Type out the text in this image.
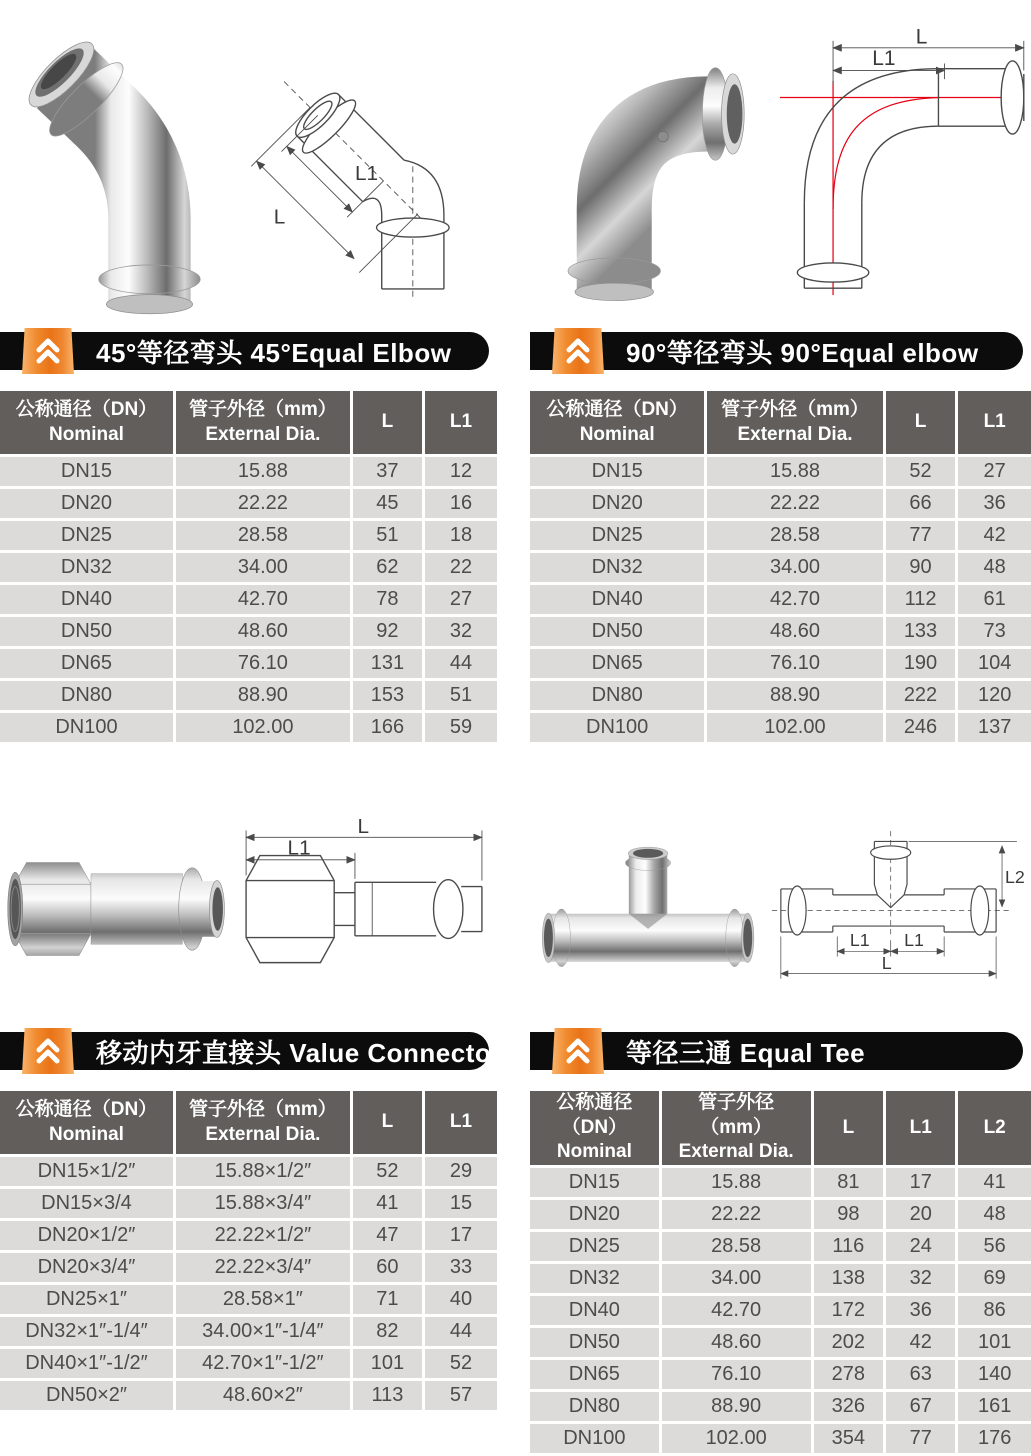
L
L1
45°等径弯头 45°Equal Elbow
公称通径（DN）
Nominal	管子外径（mm）
External Dia.	L	L1
DN15	15.88	37	12
DN20	22.22	45	16
DN25	28.58	51	18
DN32	34.00	62	22
DN40	42.70	78	27
DN50	48.60	92	32
DN65	76.10	131	44
DN80	88.90	153	51
DN100	102.00	166	59
L
L1
90°等径弯头 90°Equal elbow
公称通径（DN）
Nominal	管子外径（mm）
External Dia.	L	L1
DN15	15.88	52	27
DN20	22.22	66	36
DN25	28.58	77	42
DN32	34.00	90	48
DN40	42.70	112	61
DN50	48.60	133	73
DN65	76.10	190	104
DN80	88.90	222	120
DN100	102.00	246	137
L
L1
移动内牙直接头 Value Connector
公称通径（DN）
Nominal	管子外径（mm）
External Dia.	L	L1
DN15×1/2″	15.88×1/2″	52	29
DN15×3/4	15.88×3/4″	41	15
DN20×1/2″	22.22×1/2″	47	17
DN20×3/4″	22.22×3/4″	60	33
DN25×1″	28.58×1″	71	40
DN32×1″-1/4″	34.00×1″-1/4″	82	44
DN40×1″-1/2″	42.70×1″-1/2″	101	52
DN50×2″	48.60×2″	113	57
L1 L1
L
L2
等径三通 Equal Tee
公称通径（DN）
Nominal	管子外径（mm）
External Dia.	L	L1	L2
DN15	15.88	81	17	41
DN20	22.22	98	20	48
DN25	28.58	116	24	56
DN32	34.00	138	32	69
DN40	42.70	172	36	86
DN50	48.60	202	42	101
DN65	76.10	278	63	140
DN80	88.90	326	67	161
DN100	102.00	354	77	176
